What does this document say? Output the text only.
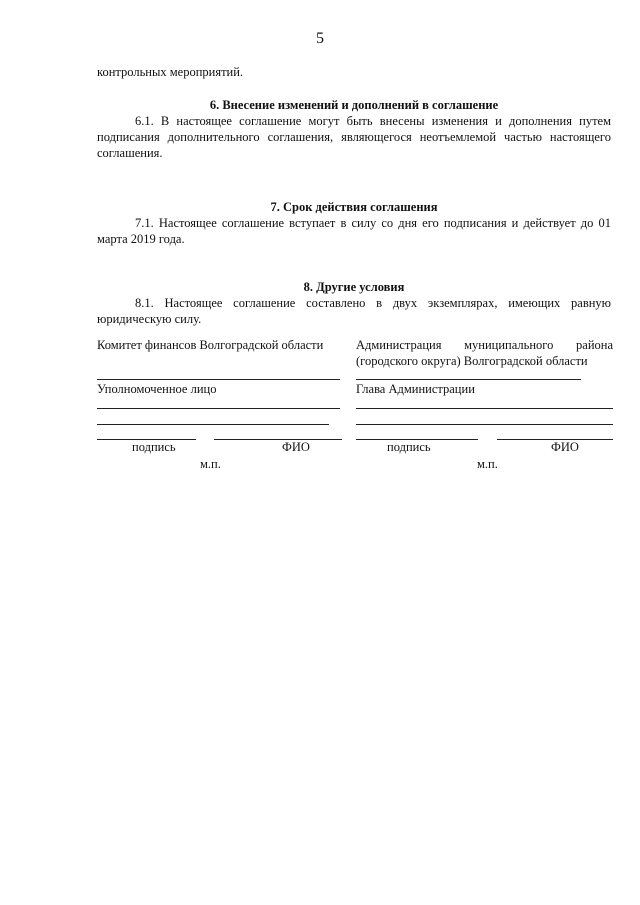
5
контрольных мероприятий.
6. Внесение изменений и дополнений в соглашение
6.1. В настоящее соглашение могут быть внесены изменения и дополнения путем подписания дополнительного соглашения, являющегося неотъемлемой частью настоящего соглашения.
7. Срок действия соглашения
7.1. Настоящее соглашение вступает в силу со дня его подписания и действует до 01 марта 2019 года.
8. Другие условия
8.1. Настоящее соглашение составлено в двух экземплярах, имеющих равную юридическую силу.
Комитет финансов Волгоградской области
Уполномоченное лицо
подпись	ФИО
м.п.
Администрация муниципального района (городского округа) Волгоградской области
Глава Администрации
подпись	ФИО
м.п.
